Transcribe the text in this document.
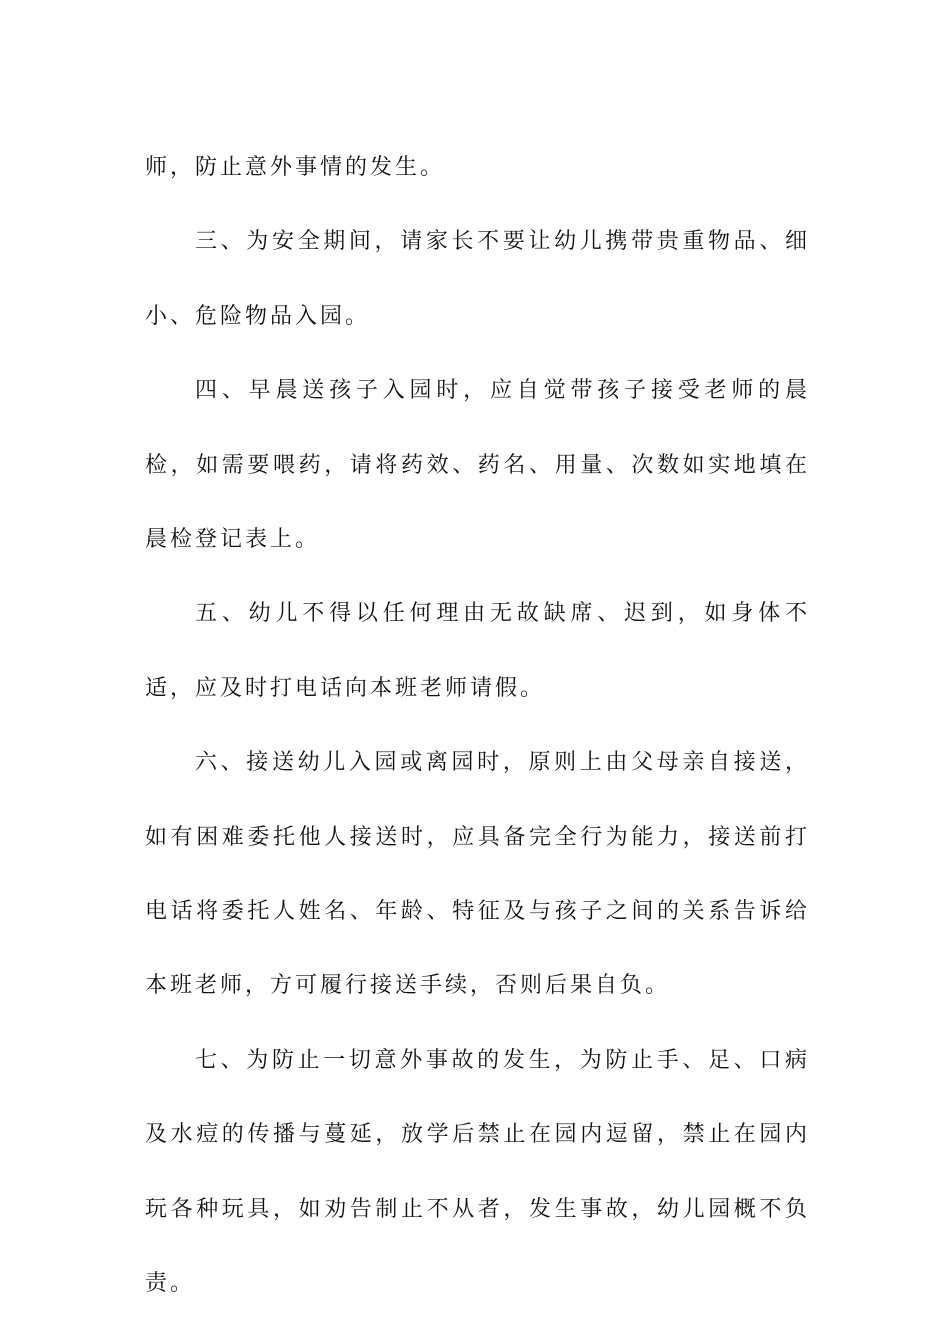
师，防止意外事情的发生。

三、为安全期间，请家长不要让幼儿携带贵重物品、细小、危险物品入园。

四、早晨送孩子入园时，应自觉带孩子接受老师的晨检，如需要喂药，请将药效、药名、用量、次数如实地填在晨检登记表上。

五、幼儿不得以任何理由无故缺席、迟到，如身体不适，应及时打电话向本班老师请假。

六、接送幼儿入园或离园时，原则上由父母亲自接送，如有困难委托他人接送时，应具备完全行为能力，接送前打电话将委托人姓名、年龄、特征及与孩子之间的关系告诉给本班老师，方可履行接送手续，否则后果自负。

七、为防止一切意外事故的发生，为防止手、足、口病及水痘的传播与蔓延，放学后禁止在园内逗留，禁止在园内玩各种玩具，如劝告制止不从者，发生事故，幼儿园概不负责。
